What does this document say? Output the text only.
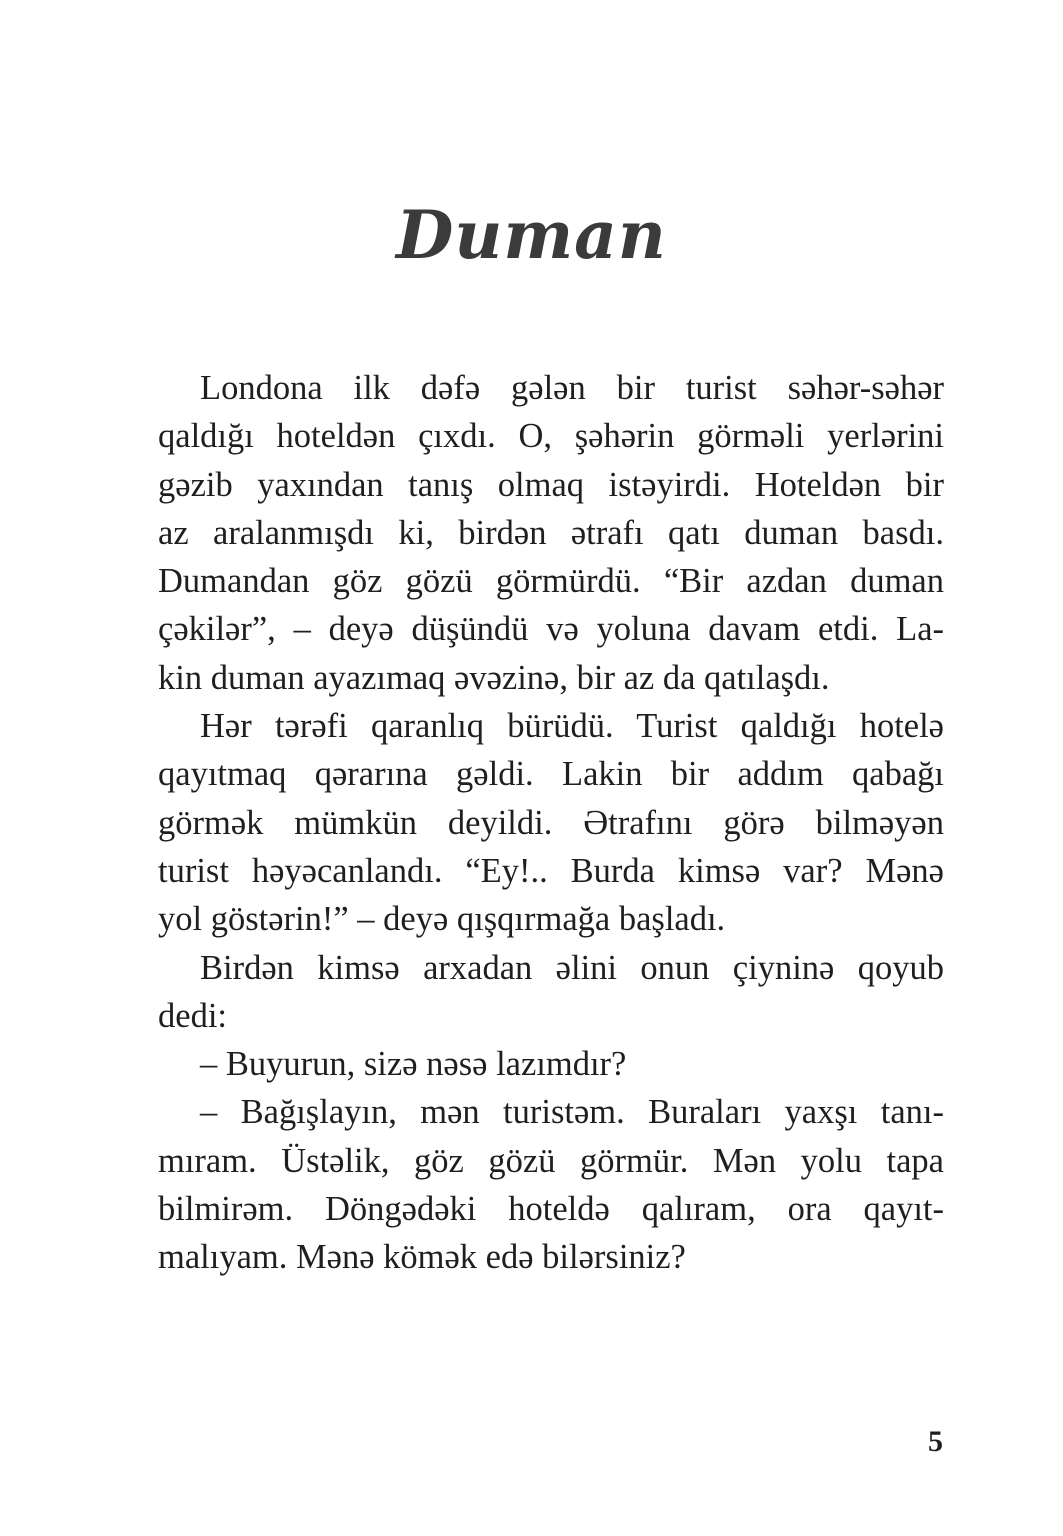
Duman
Londona ilk dəfə gələn bir turist səhər-səhər
qaldığı hoteldən çıxdı. O, şəhərin görməli yerlərini
gəzib yaxından tanış olmaq istəyirdi. Hoteldən bir
az aralanmışdı ki, birdən ətrafı qatı duman basdı.
Dumandan göz gözü görmürdü. “Bir azdan duman
çəkilər”, – deyə düşündü və yoluna davam etdi. La-
kin duman ayazımaq əvəzinə, bir az da qatılaşdı.
Hər tərəfi qaranlıq bürüdü. Turist qaldığı hotelə
qayıtmaq qərarına gəldi. Lakin bir addım qabağı
görmək mümkün deyildi. Ətrafını görə bilməyən
turist həyəcanlandı. “Ey!.. Burda kimsə var? Mənə
yol göstərin!” – deyə qışqırmağa başladı.
Birdən kimsə arxadan əlini onun çiyninə qoyub
dedi:
– Buyurun, sizə nəsə lazımdır?
– Bağışlayın, mən turistəm. Buraları yaxşı tanı-
mıram. Üstəlik, göz gözü görmür. Mən yolu tapa
bilmirəm. Döngədəki hoteldə qalıram, ora qayıt-
malıyam. Mənə kömək edə bilərsiniz?
5
